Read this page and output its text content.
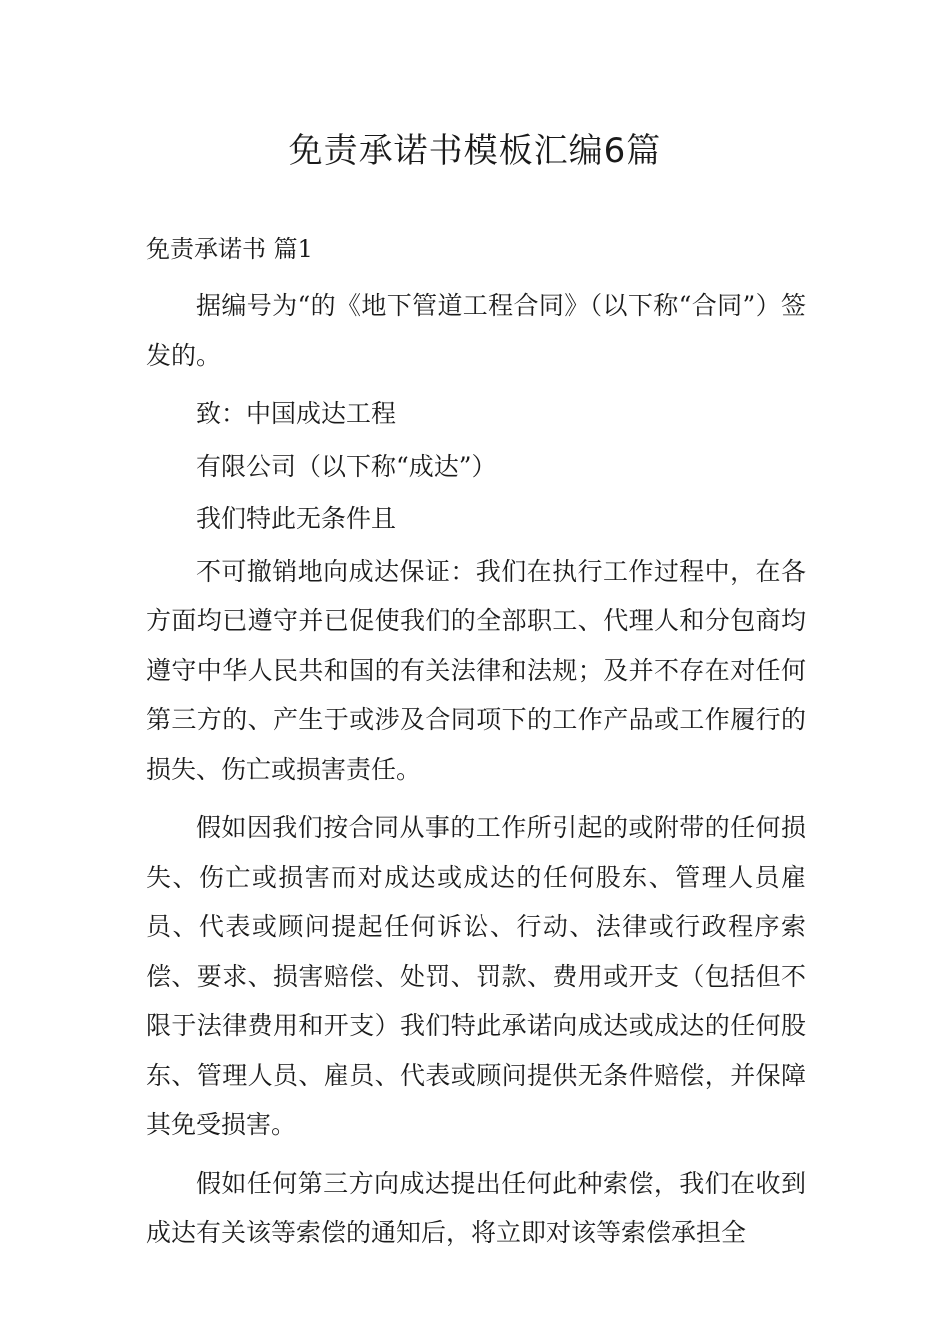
免责承诺书模板汇编6篇
免责承诺书 篇1

据编号为“的《地下管道工程合同》（以下称“合同”）签发的。

致：中国成达工程

有限公司（以下称“成达”）

我们特此无条件且

不可撤销地向成达保证：我们在执行工作过程中，在各方面均已遵守并已促使我们的全部职工、代理人和分包商均遵守中华人民共和国的有关法律和法规；及并不存在对任何第三方的、产生于或涉及合同项下的工作产品或工作履行的损失、伤亡或损害责任。

假如因我们按合同从事的工作所引起的或附带的任何损失、伤亡或损害而对成达或成达的任何股东、管理人员雇员、代表或顾问提起任何诉讼、行动、法律或行政程序索偿、要求、损害赔偿、处罚、罚款、费用或开支（包括但不限于法律费用和开支）我们特此承诺向成达或成达的任何股东、管理人员、雇员、代表或顾问提供无条件赔偿，并保障其免受损害。

假如任何第三方向成达提出任何此种索偿，我们在收到成达有关该等索偿的通知后，将立即对该等索偿承担全
